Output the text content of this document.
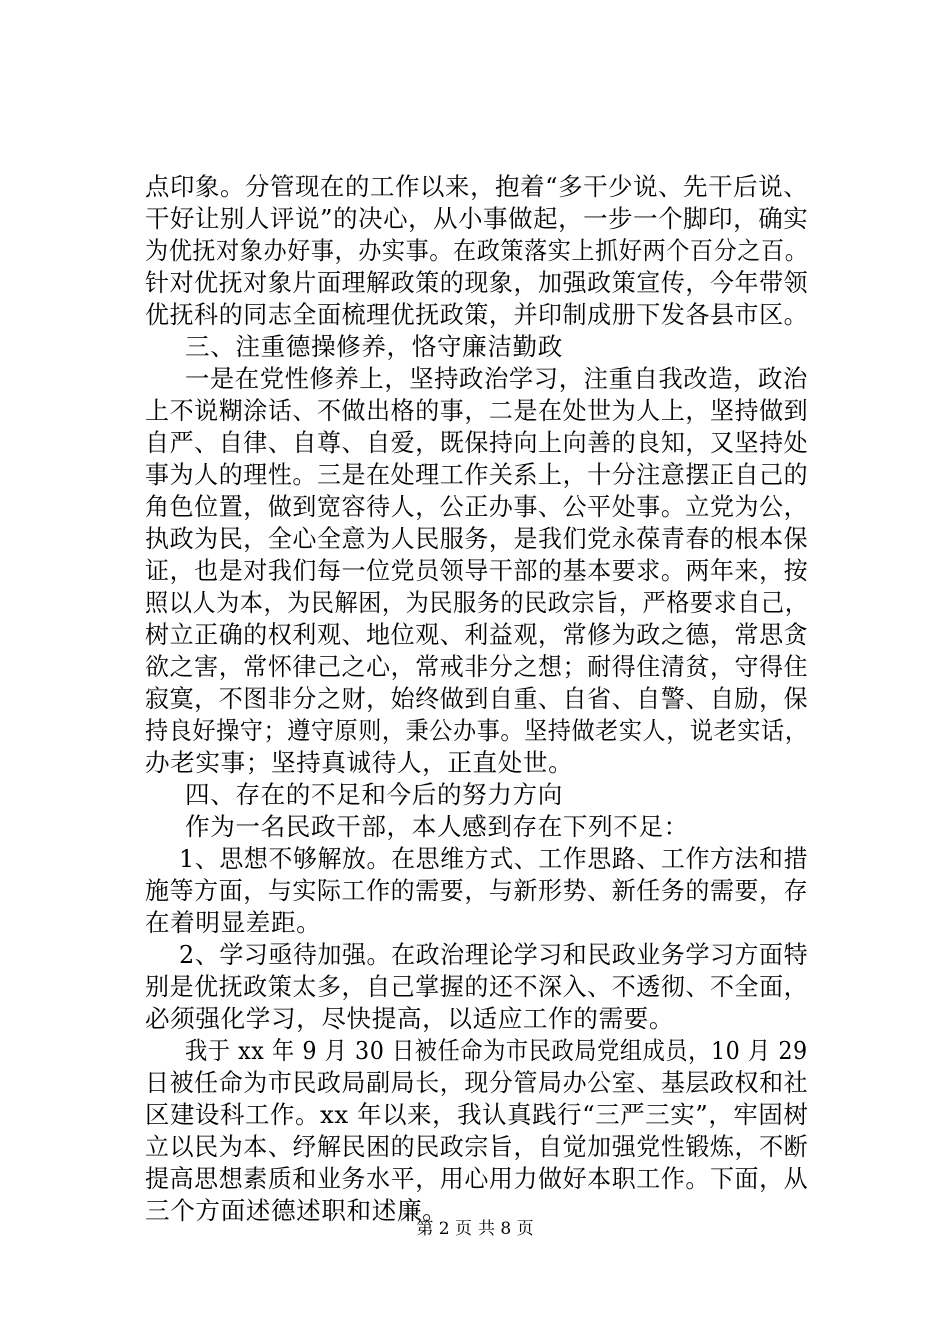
点印象。分管现在的工作以来，抱着“多干少说、先干后说、
干好让别人评说”的决心，从小事做起，一步一个脚印，确实
为优抚对象办好事，办实事。在政策落实上抓好两个百分之百。
针对优抚对象片面理解政策的现象，加强政策宣传，今年带领
优抚科的同志全面梳理优抚政策，并印制成册下发各县市区。
三、注重德操修养，恪守廉洁勤政
一是在党性修养上，坚持政治学习，注重自我改造，政治
上不说糊涂话、不做出格的事，二是在处世为人上，坚持做到
自严、自律、自尊、自爱，既保持向上向善的良知，又坚持处
事为人的理性。三是在处理工作关系上，十分注意摆正自己的
角色位置，做到宽容待人，公正办事、公平处事。立党为公，
执政为民，全心全意为人民服务，是我们党永葆青春的根本保
证，也是对我们每一位党员领导干部的基本要求。两年来，按
照以人为本，为民解困，为民服务的民政宗旨，严格要求自己，
树立正确的权利观、地位观、利益观，常修为政之德，常思贪
欲之害，常怀律己之心，常戒非分之想；耐得住清贫，守得住
寂寞，不图非分之财，始终做到自重、自省、自警、自励，保
持良好操守；遵守原则，秉公办事。坚持做老实人，说老实话，
办老实事；坚持真诚待人，正直处世。
四、存在的不足和今后的努力方向
作为一名民政干部，本人感到存在下列不足：
1、思想不够解放。在思维方式、工作思路、工作方法和措
施等方面，与实际工作的需要，与新形势、新任务的需要，存
在着明显差距。
2、学习亟待加强。在政治理论学习和民政业务学习方面特
别是优抚政策太多，自己掌握的还不深入、不透彻、不全面，
必须强化学习，尽快提高，以适应工作的需要。
我于 xx 年 9 月 30 日被任命为市民政局党组成员，10 月 29
日被任命为市民政局副局长，现分管局办公室、基层政权和社
区建设科工作。xx 年以来，我认真践行“三严三实”，牢固树
立以民为本、纾解民困的民政宗旨，自觉加强党性锻炼，不断
提高思想素质和业务水平，用心用力做好本职工作。下面，从
三个方面述德述职和述廉。
第 2 页 共 8 页
